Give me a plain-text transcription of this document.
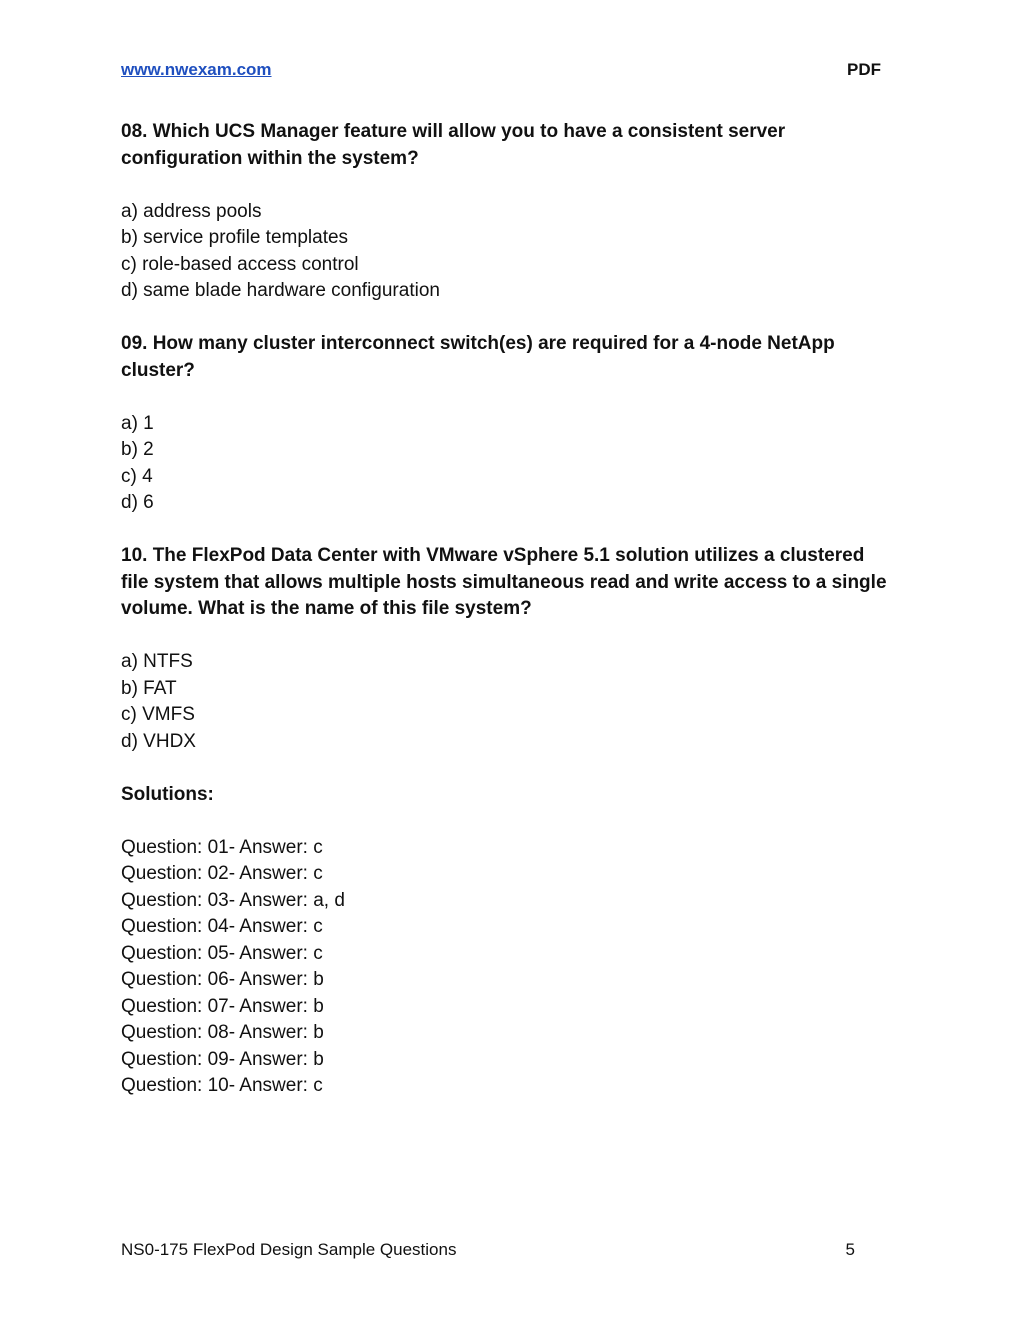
www.nwexam.com	PDF

08. Which UCS Manager feature will allow you to have a consistent server configuration within the system?

a) address pools
b) service profile templates
c) role-based access control
d) same blade hardware configuration

09. How many cluster interconnect switch(es) are required for a 4-node NetApp cluster?

a) 1
b) 2
c) 4
d) 6

10. The FlexPod Data Center with VMware vSphere 5.1 solution utilizes a clustered file system that allows multiple hosts simultaneous read and write access to a single volume. What is the name of this file system?

a) NTFS
b) FAT
c) VMFS
d) VHDX

Solutions:

Question: 01- Answer: c
Question: 02- Answer: c
Question: 03- Answer: a, d
Question: 04- Answer: c
Question: 05- Answer: c
Question: 06- Answer: b
Question: 07- Answer: b
Question: 08- Answer: b
Question: 09- Answer: b
Question: 10- Answer: c
NS0-175 FlexPod Design Sample Questions	5
